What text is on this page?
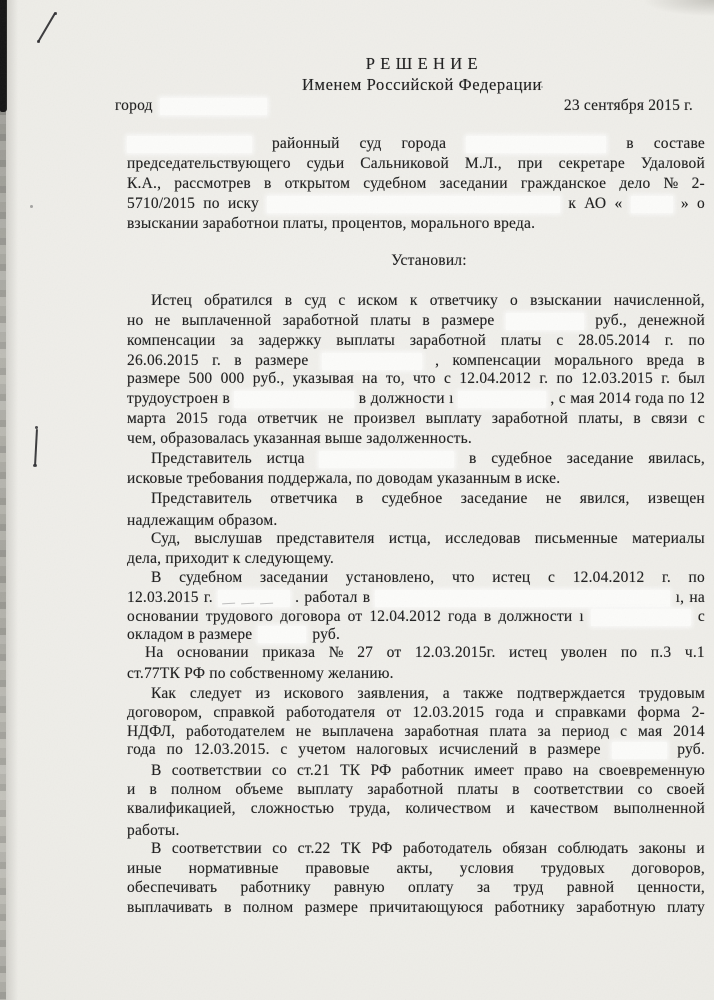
Р Е Ш Е Н И Е
Именем Российской Федерации
город	23 сентября 2015 г.
районный суд города	в составе
председательствующего судьи Сальниковой М.Л., при секретаре Удаловой
К.А., рассмотрев в открытом судебном заседании гражданское дело № 2-
5710/2015 по иску	к АО «	» о
взыскании заработнои платы, процентов, морального вреда.
Установил:
Истец обратился в суд с иском к ответчику о взыскании начисленной,
но не выплаченной заработной платы в размере	руб., денежной
компенсации за задержку выплаты заработной платы с 28.05.2014 г. по
26.06.2015 г. в размере	, компенсации морального вреда в
размере 500 000 руб., указывая на то, что с 12.04.2012 г. по 12.03.2015 г. был
трудоустроен в	в должности ı	, с мая 2014 года по 12
марта 2015 года ответчик не произвел выплату заработной платы, в связи с
чем, образовалась указанная выше задолженность.
Представитель истца	в судебное заседание явилась,
исковые требования поддержала, по доводам указанным в иске.
Представитель ответчика в судебное заседание не явился, извещен
надлежащим образом.
Суд, выслушав представителя истца, исследовав письменные материалы
дела, приходит к следующему.
В судебном заседании установлено, что истец с 12.04.2012 г. по
12.03.2015 г.	. работал в	ı, на
основании трудового договора от 12.04.2012 года в должности ı	с
окладом в размере	руб.
На основании приказа № 27 от 12.03.2015г. истец уволен по п.3 ч.1
ст.77ТК РФ по собственному желанию.
Как следует из искового заявления, а также подтверждается трудовым
договором, справкой работодателя от 12.03.2015 года и справками форма 2-
НДФЛ, работодателем не выплачена заработная плата за период с мая 2014
года по 12.03.2015. с учетом налоговых исчислений в размере	руб.
В соответствии со ст.21 ТК РФ работник имеет право на своевременную
и в полном объеме выплату заработной платы в соответствии со своей
квалификацией, сложностью труда, количеством и качеством выполненной
работы.
В соответствии со ст.22 ТК РФ работодатель обязан соблюдать законы и
иные нормативные правовые акты, условия трудовых договоров,
обеспечивать работнику равную оплату за труд равной ценности,
выплачивать в полном размере причитающуюся работнику заработную плату
